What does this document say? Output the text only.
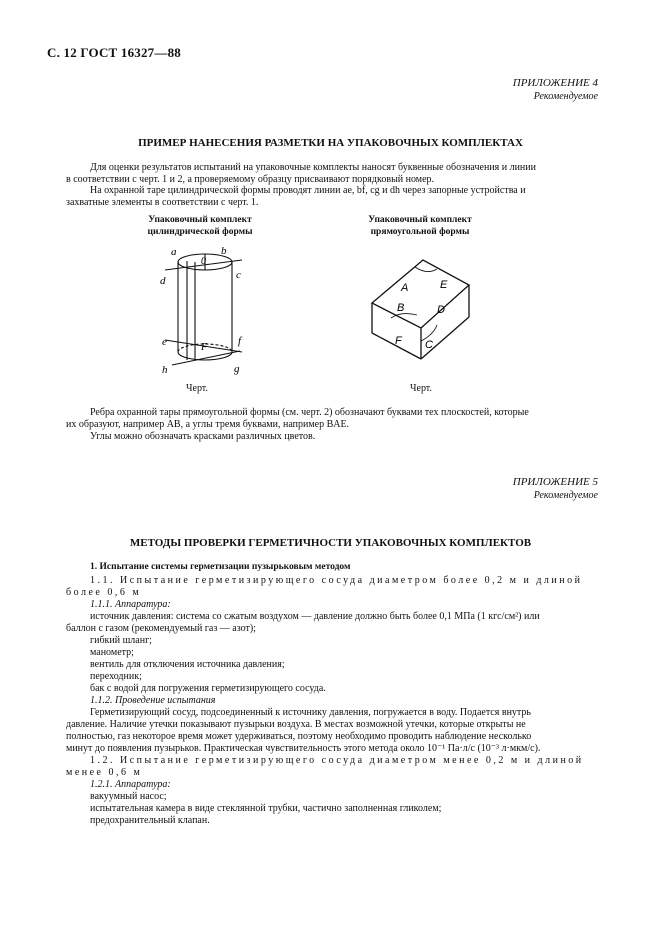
С. 12 ГОСТ 16327—88
ПРИЛОЖЕНИЕ 4
Рекомендуемое
ПРИМЕР НАНЕСЕНИЯ РАЗМЕТКИ НА УПАКОВОЧНЫХ КОМПЛЕКТАХ
Для оценки результатов испытаний на упаковочные комплекты наносят буквенные обозначения и линии
в соответствии с черт. 1 и 2, а проверяемому образцу присваивают порядковый номер.
На охранной таре цилиндрической формы проводят линии ae, bf, cg и dh через запорные устройства и
захватные элементы в соответствии с черт. 1.
Упаковочный комплект
цилиндрической формы
a	b
0
c
d
e	f
F
h	g
Черт.
Упаковочный комплект
прямоугольной формы
A	E
B	D
F C
Черт.
Ребра охранной тары прямоугольной формы (см. черт. 2) обозначают буквами тех плоскостей, которые
их образуют, например AB, а углы тремя буквами, например BAE.
Углы можно обозначать красками различных цветов.
ПРИЛОЖЕНИЕ 5
Рекомендуемое
МЕТОДЫ ПРОВЕРКИ ГЕРМЕТИЧНОСТИ УПАКОВОЧНЫХ КОМПЛЕКТОВ
1. Испытание системы герметизации пузырьковым методом
1.1. Испытание герметизирующего сосуда диаметром более 0,2 м и длиной
более 0,6 м
1.1.1. Аппаратура:
источник давления: система со сжатым воздухом — давление должно быть более 0,1 МПа (1 кгс/см²) или
баллон с газом (рекомендуемый газ — азот);
гибкий шланг;
манометр;
вентиль для отключения источника давления;
переходник;
бак с водой для погружения герметизирующего сосуда.
1.1.2. Проведение испытания
Герметизирующий сосуд, подсоединенный к источнику давления, погружается в воду. Подается внутрь
давление. Наличие утечки показывают пузырьки воздуха. В местах возможной утечки, которые открыты не
полностью, газ некоторое время может удерживаться, поэтому необходимо проводить наблюдение несколько
минут до появления пузырьков. Практическая чувствительность этого метода около 10⁻¹ Па·л/с (10⁻³ л·мкм/с).
1.2. Испытание герметизирующего сосуда диаметром менее 0,2 м и длиной
менее 0,6 м
1.2.1. Аппаратура:
вакуумный насос;
испытательная камера в виде стеклянной трубки, частично заполненная гликолем;
предохранительный клапан.
